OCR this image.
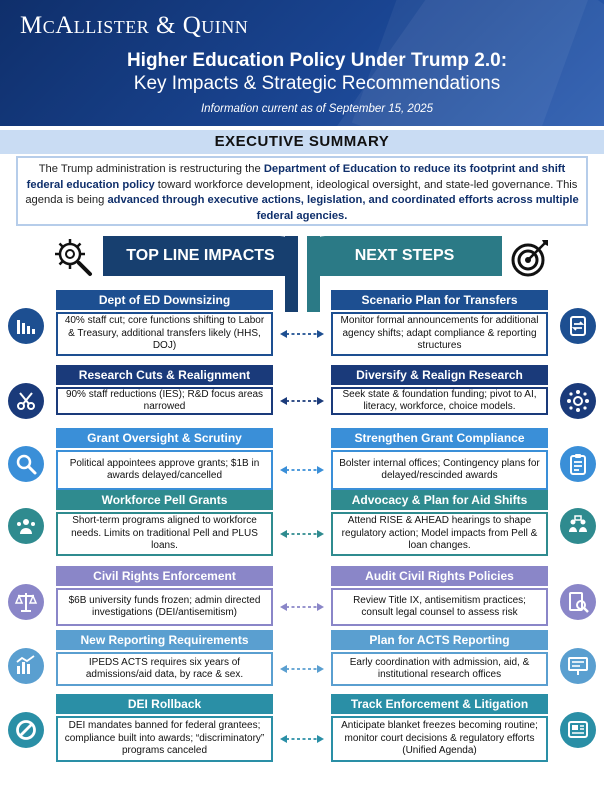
McAllister & Quinn
Higher Education Policy Under Trump 2.0:
Key Impacts & Strategic Recommendations
Information current as of September 15, 2025
EXECUTIVE SUMMARY
The Trump administration is restructuring the Department of Education to reduce its footprint and shift federal education policy toward workforce development, ideological oversight, and state-led governance. This agenda is being advanced through executive actions, legislation, and coordinated efforts across multiple federal agencies.
TOP LINE IMPACTS	NEXT STEPS
Dept of ED Downsizing
40% staff cut; core functions shifting to Labor & Treasury, additional transfers likely (HHS, DOJ)
Scenario Plan for Transfers
Monitor formal announcements for additional agency shifts; adapt compliance & reporting structures
Research Cuts & Realignment
90% staff reductions (IES); R&D focus areas narrowed
Diversify & Realign Research
Seek state & foundation funding; pivot to AI, literacy, workforce, choice models.
Grant Oversight & Scrutiny
Political appointees approve grants; $1B in awards delayed/cancelled
Strengthen Grant Compliance
Bolster internal offices; Contingency plans for delayed/rescinded awards
Workforce Pell Grants
Short-term programs aligned to workforce needs. Limits on traditional Pell and PLUS loans.
Advocacy & Plan for Aid Shifts
Attend RISE & AHEAD hearings to shape regulatory action; Model impacts from Pell & loan changes.
Civil Rights Enforcement
$6B university funds frozen; admin directed investigations (DEI/antisemitism)
Audit Civil Rights Policies
Review Title IX, antisemitism practices; consult legal counsel to assess risk
New Reporting Requirements
IPEDS ACTS requires six years of admissions/aid data, by race & sex.
Plan for ACTS Reporting
Early coordination with admission, aid, & institutional research offices
DEI Rollback
DEI mandates banned for federal grantees; compliance built into awards; “discriminatory” programs canceled
Track Enforcement & Litigation
Anticipate blanket freezes becoming routine; monitor court decisions & regulatory efforts (Unified Agenda)
